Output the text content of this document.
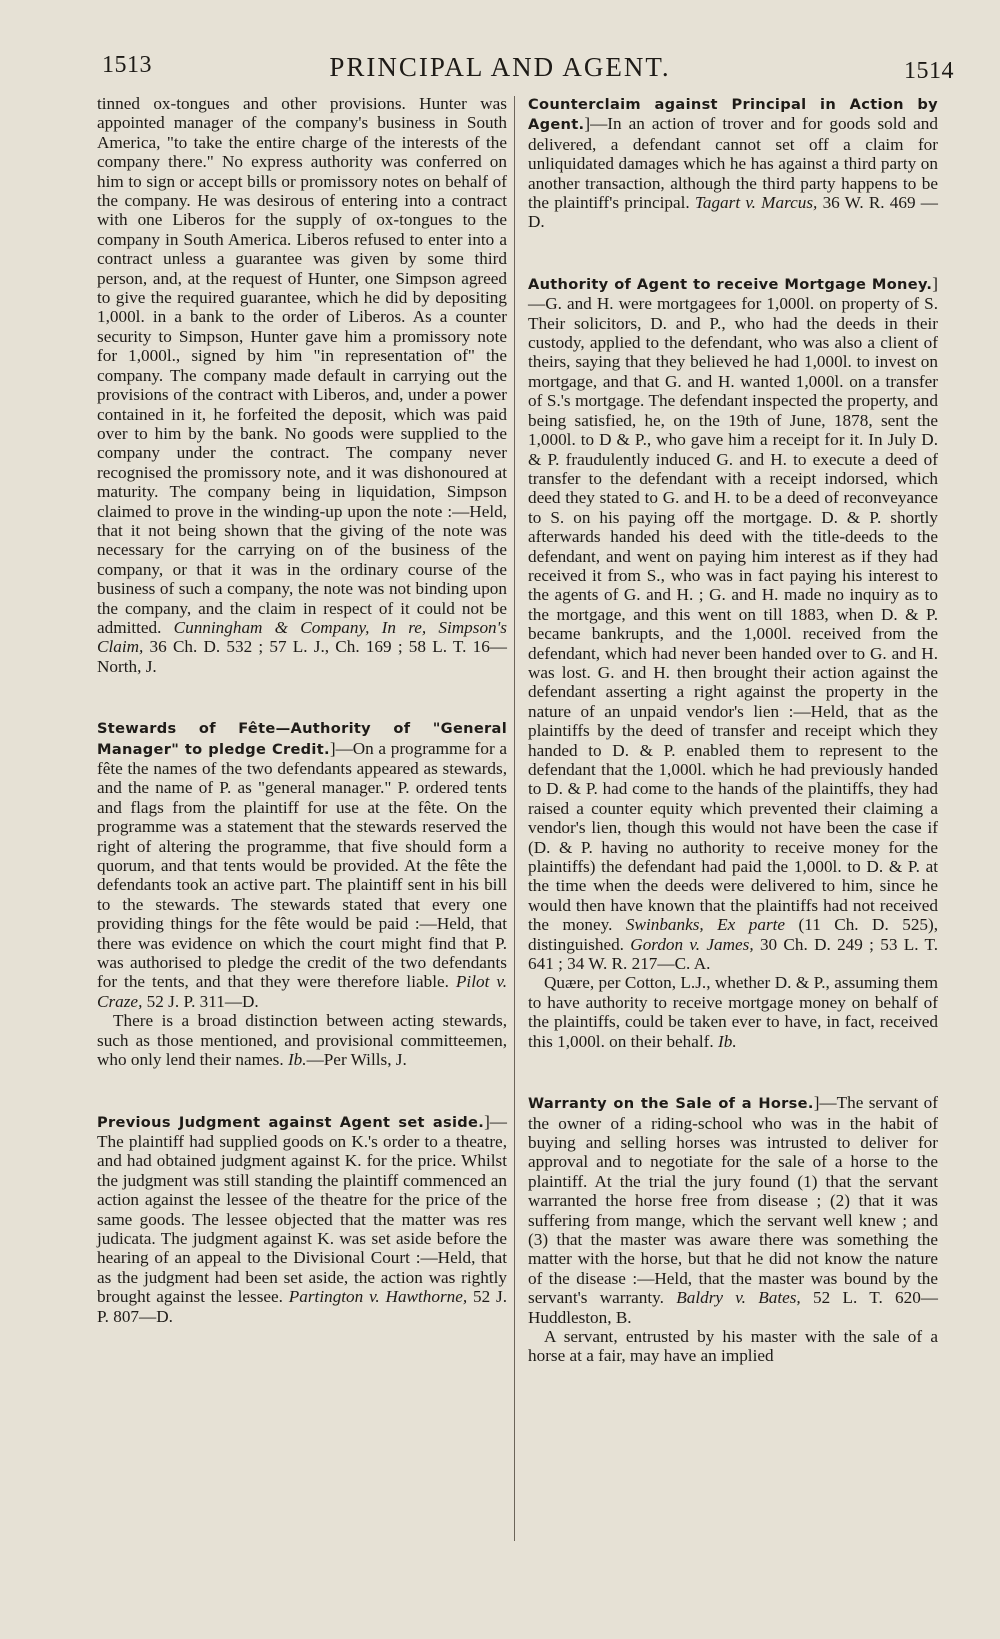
1513	PRINCIPAL AND AGENT.	1514

tinned ox-tongues and other provisions. Hunter was appointed manager of the company's business in South America, "to take the entire charge of the interests of the company there." No express authority was conferred on him to sign or accept bills or promissory notes on behalf of the company. He was desirous of entering into a contract with one Liberos for the supply of ox-tongues to the company in South America. Liberos refused to enter into a contract unless a guarantee was given by some third person, and, at the request of Hunter, one Simpson agreed to give the required guarantee, which he did by depositing 1,000l. in a bank to the order of Liberos. As a counter security to Simpson, Hunter gave him a promissory note for 1,000l., signed by him "in representation of" the company. The company made default in carrying out the provisions of the contract with Liberos, and, under a power contained in it, he forfeited the deposit, which was paid over to him by the bank. No goods were supplied to the company under the contract. The company never recognised the promissory note, and it was dishonoured at maturity. The company being in liquidation, Simpson claimed to prove in the winding-up upon the note :—Held, that it not being shown that the giving of the note was necessary for the carrying on of the business of the company, or that it was in the ordinary course of the business of such a company, the note was not binding upon the company, and the claim in respect of it could not be admitted. Cunningham & Company, In re, Simpson's Claim, 36 Ch. D. 532 ; 57 L. J., Ch. 169 ; 58 L. T. 16— North, J.

Stewards of Fête—Authority of "General Manager" to pledge Credit.]—On a programme for a fête the names of the two defendants appeared as stewards, and the name of P. as "general manager." P. ordered tents and flags from the plaintiff for use at the fête. On the programme was a statement that the stewards reserved the right of altering the programme, that five should form a quorum, and that tents would be provided. At the fête the defendants took an active part. The plaintiff sent in his bill to the stewards. The stewards stated that every one providing things for the fête would be paid :—Held, that there was evidence on which the court might find that P. was authorised to pledge the credit of the two defendants for the tents, and that they were therefore liable. Pilot v. Craze, 52 J. P. 311—D.

There is a broad distinction between acting stewards, such as those mentioned, and provisional committeemen, who only lend their names. Ib.—Per Wills, J.

Previous Judgment against Agent set aside.]—The plaintiff had supplied goods on K.'s order to a theatre, and had obtained judgment against K. for the price. Whilst the judgment was still standing the plaintiff commenced an action against the lessee of the theatre for the price of the same goods. The lessee objected that the matter was res judicata. The judgment against K. was set aside before the hearing of an appeal to the Divisional Court :—Held, that as the judgment had been set aside, the action was rightly brought against the lessee. Partington v. Hawthorne, 52 J. P. 807—D.

Counterclaim against Principal in Action by Agent.]—In an action of trover and for goods sold and delivered, a defendant cannot set off a claim for unliquidated damages which he has against a third party on another transaction, although the third party happens to be the plaintiff's principal. Tagart v. Marcus, 36 W. R. 469 —D.

Authority of Agent to receive Mortgage Money.]—G. and H. were mortgagees for 1,000l. on property of S. Their solicitors, D. and P., who had the deeds in their custody, applied to the defendant, who was also a client of theirs, saying that they believed he had 1,000l. to invest on mortgage, and that G. and H. wanted 1,000l. on a transfer of S.'s mortgage. The defendant inspected the property, and being satisfied, he, on the 19th of June, 1878, sent the 1,000l. to D & P., who gave him a receipt for it. In July D. & P. fraudulently induced G. and H. to execute a deed of transfer to the defendant with a receipt indorsed, which deed they stated to G. and H. to be a deed of reconveyance to S. on his paying off the mortgage. D. & P. shortly afterwards handed his deed with the title-deeds to the defendant, and went on paying him interest as if they had received it from S., who was in fact paying his interest to the agents of G. and H. ; G. and H. made no inquiry as to the mortgage, and this went on till 1883, when D. & P. became bankrupts, and the 1,000l. received from the defendant, which had never been handed over to G. and H. was lost. G. and H. then brought their action against the defendant asserting a right against the property in the nature of an unpaid vendor's lien :—Held, that as the plaintiffs by the deed of transfer and receipt which they handed to D. & P. enabled them to represent to the defendant that the 1,000l. which he had previously handed to D. & P. had come to the hands of the plaintiffs, they had raised a counter equity which prevented their claiming a vendor's lien, though this would not have been the case if (D. & P. having no authority to receive money for the plaintiffs) the defendant had paid the 1,000l. to D. & P. at the time when the deeds were delivered to him, since he would then have known that the plaintiffs had not received the money. Swinbanks, Ex parte (11 Ch. D. 525), distinguished. Gordon v. James, 30 Ch. D. 249 ; 53 L. T. 641 ; 34 W. R. 217—C. A.

Quære, per Cotton, L.J., whether D. & P., assuming them to have authority to receive mortgage money on behalf of the plaintiffs, could be taken ever to have, in fact, received this 1,000l. on their behalf. Ib.

Warranty on the Sale of a Horse.]—The servant of the owner of a riding-school who was in the habit of buying and selling horses was intrusted to deliver for approval and to negotiate for the sale of a horse to the plaintiff. At the trial the jury found (1) that the servant warranted the horse free from disease ; (2) that it was suffering from mange, which the servant well knew ; and (3) that the master was aware there was something the matter with the horse, but that he did not know the nature of the disease :—Held, that the master was bound by the servant's warranty. Baldry v. Bates, 52 L. T. 620—Huddleston, B.

A servant, entrusted by his master with the sale of a horse at a fair, may have an implied
